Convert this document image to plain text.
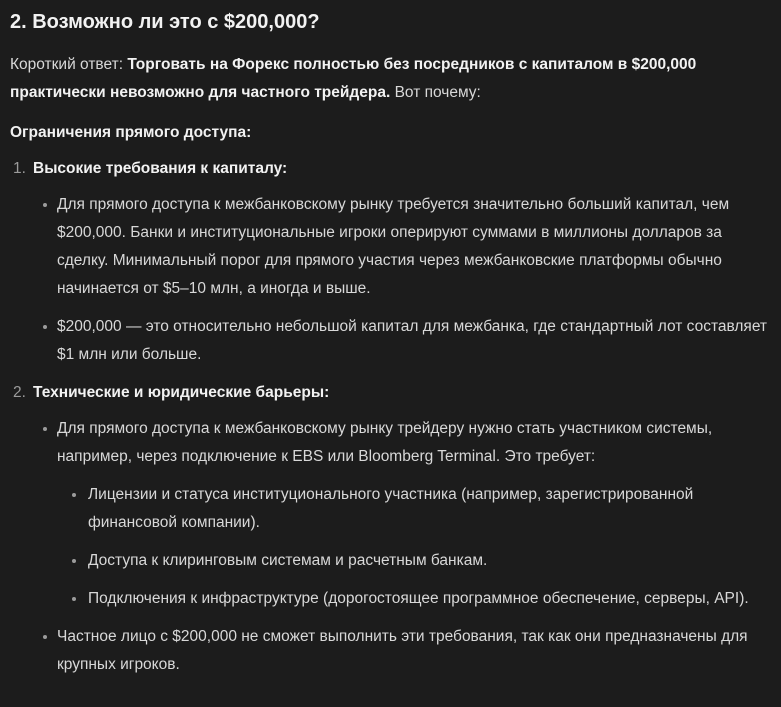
2. Возможно ли это с $200,000?

Короткий ответ: Торговать на Форекс полностью без посредников с капиталом в $200,000 практически невозможно для частного трейдера. Вот почему:

Ограничения прямого доступа:

1. Высокие требования к капиталу:

Для прямого доступа к межбанковскому рынку требуется значительно больший капитал, чем $200,000. Банки и институциональные игроки оперируют суммами в миллионы долларов за сделку. Минимальный порог для прямого участия через межбанковские платформы обычно начинается от $5–10 млн, а иногда и выше.

$200,000 — это относительно небольшой капитал для межбанка, где стандартный лот составляет $1 млн или больше.

2. Технические и юридические барьеры:

Для прямого доступа к межбанковскому рынку трейдеру нужно стать участником системы, например, через подключение к EBS или Bloomberg Terminal. Это требует:

Лицензии и статуса институционального участника (например, зарегистрированной финансовой компании).

Доступа к клиринговым системам и расчетным банкам.

Подключения к инфраструктуре (дорогостоящее программное обеспечение, серверы, API).

Частное лицо с $200,000 не сможет выполнить эти требования, так как они предназначены для крупных игроков.
